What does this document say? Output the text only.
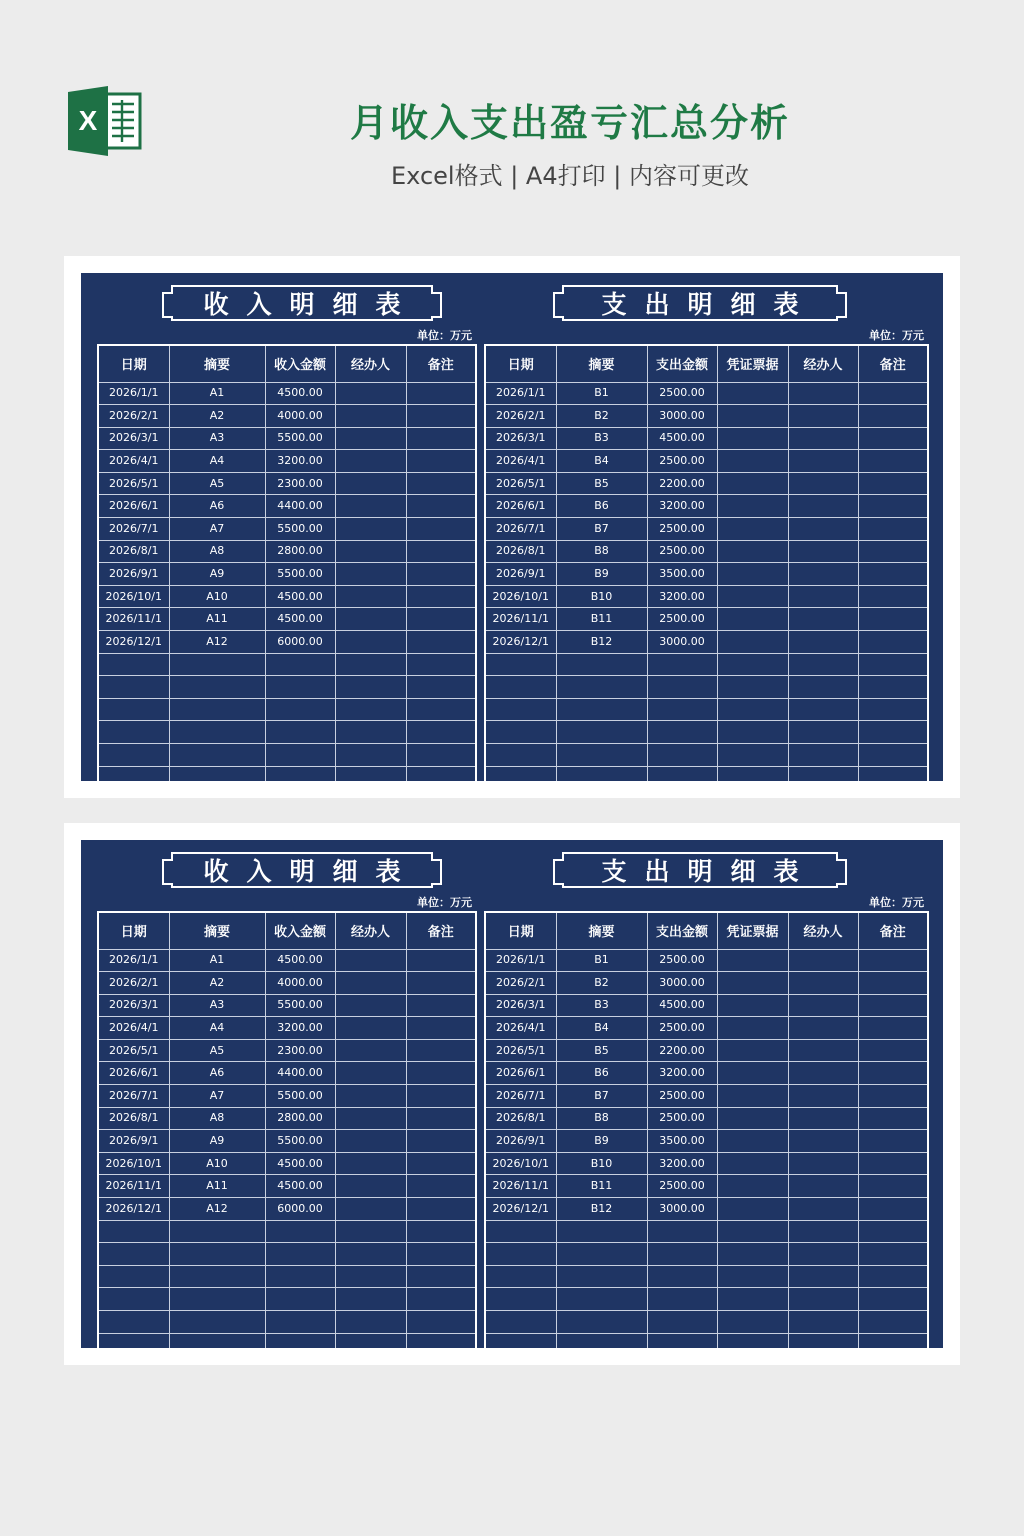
X	月收入支出盈亏汇总分析
Excel格式 | A4打印 | 内容可更改
收入明细表
单位：万元
日期	摘要	收入金额	经办人	备注
2026/1/1	A1	4500.00		
2026/2/1	A2	4000.00		
2026/3/1	A3	5500.00		
2026/4/1	A4	3200.00		
2026/5/1	A5	2300.00		
2026/6/1	A6	4400.00		
2026/7/1	A7	5500.00		
2026/8/1	A8	2800.00		
2026/9/1	A9	5500.00		
2026/10/1	A10	4500.00		
2026/11/1	A11	4500.00		
2026/12/1	A12	6000.00		

支出明细表
单位：万元
日期	摘要	支出金额	凭证票据	经办人	备注
2026/1/1	B1	2500.00			
2026/2/1	B2	3000.00			
2026/3/1	B3	4500.00			
2026/4/1	B4	2500.00			
2026/5/1	B5	2200.00			
2026/6/1	B6	3200.00			
2026/7/1	B7	2500.00			
2026/8/1	B8	2500.00			
2026/9/1	B9	3500.00			
2026/10/1	B10	3200.00			
2026/11/1	B11	2500.00			
2026/12/1	B12	3000.00			

收入明细表
单位：万元
日期	摘要	收入金额	经办人	备注
2026/1/1	A1	4500.00		
2026/2/1	A2	4000.00		
2026/3/1	A3	5500.00		
2026/4/1	A4	3200.00		
2026/5/1	A5	2300.00		
2026/6/1	A6	4400.00		
2026/7/1	A7	5500.00		
2026/8/1	A8	2800.00		
2026/9/1	A9	5500.00		
2026/10/1	A10	4500.00		
2026/11/1	A11	4500.00		
2026/12/1	A12	6000.00		

支出明细表
单位：万元
日期	摘要	支出金额	凭证票据	经办人	备注
2026/1/1	B1	2500.00			
2026/2/1	B2	3000.00			
2026/3/1	B3	4500.00			
2026/4/1	B4	2500.00			
2026/5/1	B5	2200.00			
2026/6/1	B6	3200.00			
2026/7/1	B7	2500.00			
2026/8/1	B8	2500.00			
2026/9/1	B9	3500.00			
2026/10/1	B10	3200.00			
2026/11/1	B11	2500.00			
2026/12/1	B12	3000.00			
